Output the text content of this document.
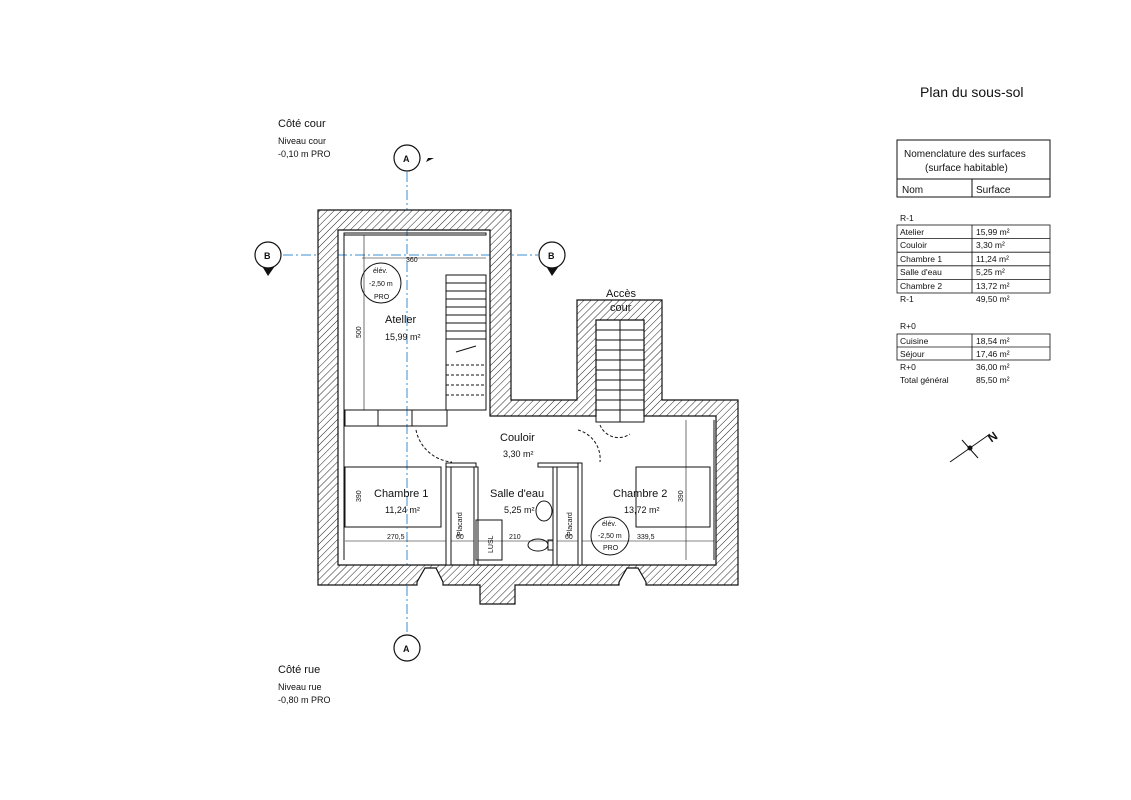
Plan du sous-sol
Côté cour
Niveau cour
-0,10 m PRO
Côté rue
Niveau rue
-0,80 m PRO
A
A
B	B
Ateller
15,99 m²
Couloir
3,30 m²
Chambre 1
11,24 m²
Salle d'eau
5,25 m²
Chambre 2
13,72 m²
Accès
cour
Placard	Placard
LUSL
élév.
-2,50 m
PRO
élév.
-2,50 m
PRO
360
500
390	390
270,5	60	210	60	339,5
Nomenclature des surfaces
(surface habitable)
Nom	Surface
R-1
Atelier	15,99 m²
Couloir	3,30 m²
Chambre 1	11,24 m²
Salle d'eau	5,25 m²
Chambre 2	13,72 m²
R-1	49,50 m²
R+0
Cuisine	18,54 m²
Séjour	17,46 m²
R+0	36,00 m²
Total général	85,50 m²
N
